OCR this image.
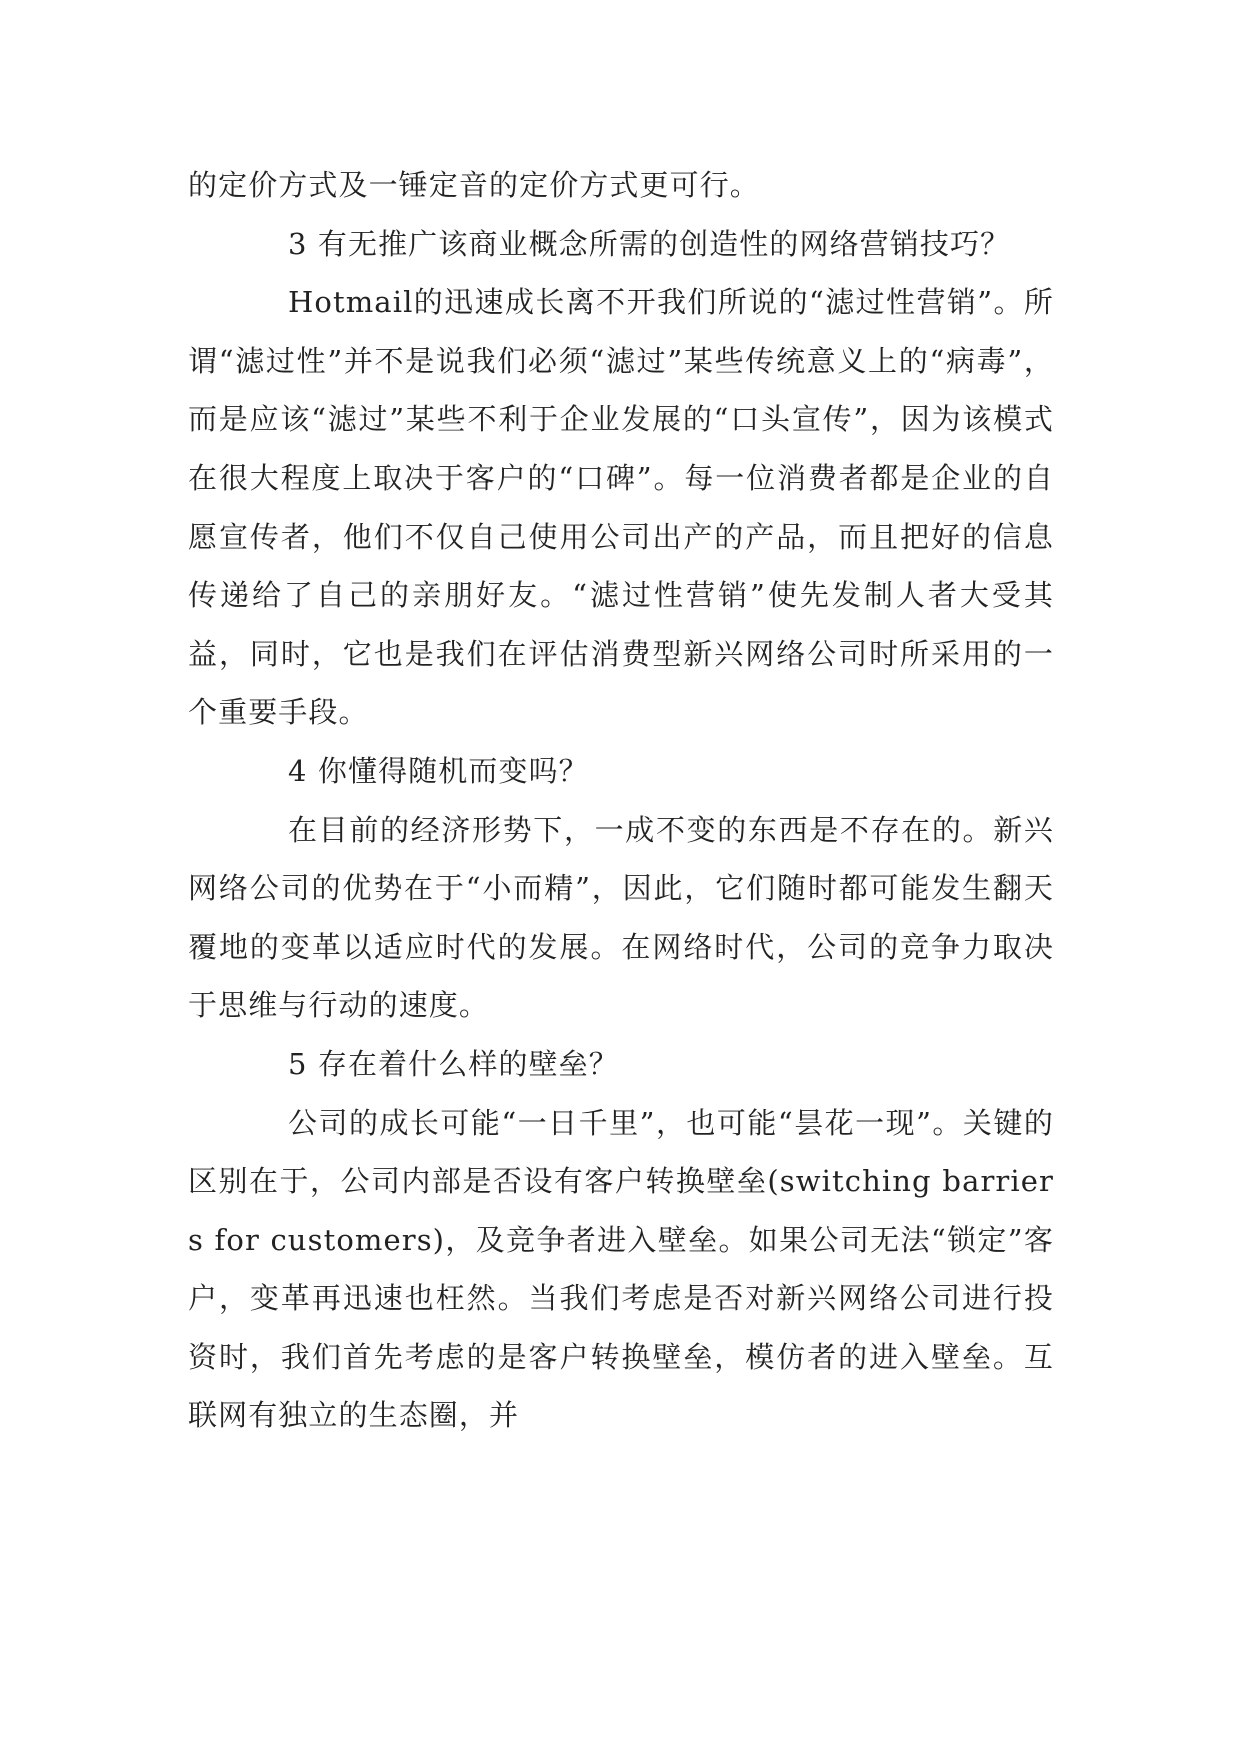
的定价方式及一锤定音的定价方式更可行。

3 有无推广该商业概念所需的创造性的网络营销技巧？

Hotmail的迅速成长离不开我们所说的“滤过性营销”。所谓“滤过性”并不是说我们必须“滤过”某些传统意义上的“病毒”，而是应该“滤过”某些不利于企业发展的“口头宣传”，因为该模式在很大程度上取决于客户的“口碑”。每一位消费者都是企业的自愿宣传者，他们不仅自己使用公司出产的产品，而且把好的信息传递给了自己的亲朋好友。“滤过性营销”使先发制人者大受其益，同时，它也是我们在评估消费型新兴网络公司时所采用的一个重要手段。

4 你懂得随机而变吗？

在目前的经济形势下，一成不变的东西是不存在的。新兴网络公司的优势在于“小而精”，因此，它们随时都可能发生翻天覆地的变革以适应时代的发展。在网络时代，公司的竞争力取决于思维与行动的速度。

5 存在着什么样的壁垒？

公司的成长可能“一日千里”，也可能“昙花一现”。关键的区别在于，公司内部是否设有客户转换壁垒(switching barriers for customers)，及竞争者进入壁垒。如果公司无法“锁定”客户，变革再迅速也枉然。当我们考虑是否对新兴网络公司进行投资时，我们首先考虑的是客户转换壁垒，模仿者的进入壁垒。互联网有独立的生态圈，并
